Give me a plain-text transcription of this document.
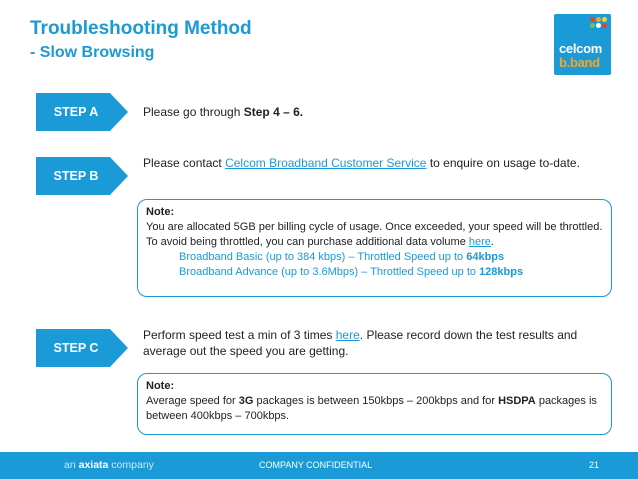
Troubleshooting Method
- Slow Browsing	celcom
b.band
STEP A	Please go through Step 4 – 6.
STEP B
Please contact Celcom Broadband Customer Service to enquire on usage to-date.
Note:
You are allocated 5GB per billing cycle of usage. Once exceeded, your speed will be throttled. To avoid being throttled, you can purchase additional data volume here.
Broadband Basic (up to 384 kbps) – Throttled Speed up to 64kbps
Broadband Advance (up to 3.6Mbps) – Throttled Speed up to 128kbps
STEP C
Perform speed test a min of 3 times here. Please record down the test results and average out the speed you are getting.
Note:
Average speed for 3G packages is between 150kbps – 200kbps and for HSDPA packages is between 400kbps – 700kbps.
an axiata company	COMPANY CONFIDENTIAL	21
